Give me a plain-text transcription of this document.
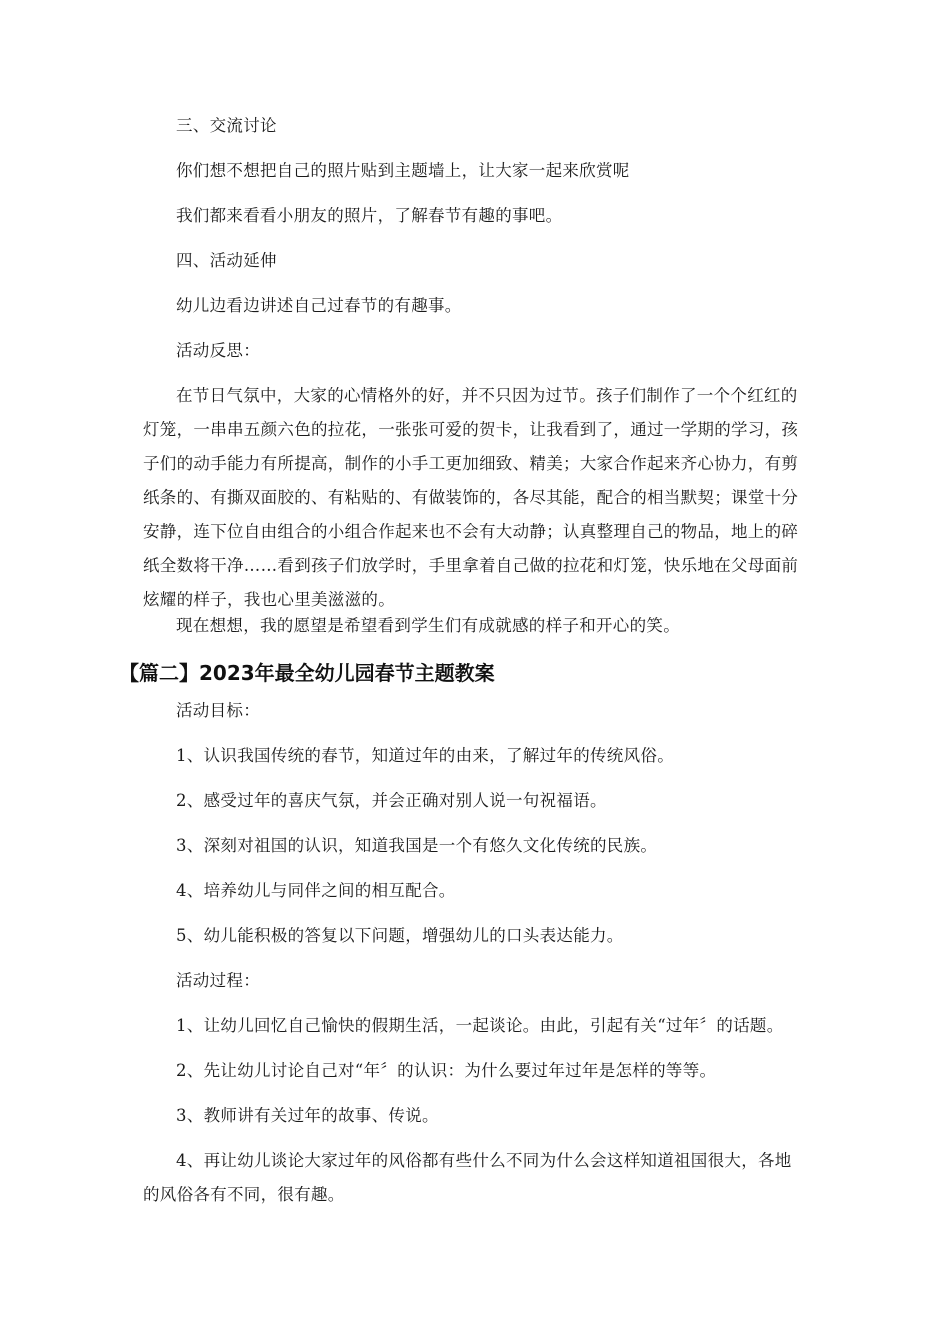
三、交流讨论
你们想不想把自己的照片贴到主题墙上，让大家一起来欣赏呢
我们都来看看小朋友的照片，了解春节有趣的事吧。
四、活动延伸
幼儿边看边讲述自己过春节的有趣事。
活动反思：
在节日气氛中，大家的心情格外的好，并不只因为过节。孩子们制作了一个个红红的灯笼，一串串五颜六色的拉花，一张张可爱的贺卡，让我看到了，通过一学期的学习，孩子们的动手能力有所提高，制作的小手工更加细致、精美；大家合作起来齐心协力，有剪纸条的、有撕双面胶的、有粘贴的、有做装饰的，各尽其能，配合的相当默契；课堂十分安静，连下位自由组合的小组合作起来也不会有大动静；认真整理自己的物品，地上的碎纸全数将干净……看到孩子们放学时，手里拿着自己做的拉花和灯笼，快乐地在父母面前炫耀的样子，我也心里美滋滋的。
现在想想，我的愿望是希望看到学生们有成就感的样子和开心的笑。
【篇二】2023年最全幼儿园春节主题教案
活动目标：
1、认识我国传统的春节，知道过年的由来，了解过年的传统风俗。
2、感受过年的喜庆气氛，并会正确对别人说一句祝福语。
3、深刻对祖国的认识，知道我国是一个有悠久文化传统的民族。
4、培养幼儿与同伴之间的相互配合。
5、幼儿能积极的答复以下问题，增强幼儿的口头表达能力。
活动过程：
1、让幼儿回忆自己愉快的假期生活，一起谈论。由此，引起有关“过年〞的话题。
2、先让幼儿讨论自己对“年〞的认识：为什么要过年过年是怎样的等等。
3、教师讲有关过年的故事、传说。
4、再让幼儿谈论大家过年的风俗都有些什么不同为什么会这样知道祖国很大，各地的风俗各有不同，很有趣。
